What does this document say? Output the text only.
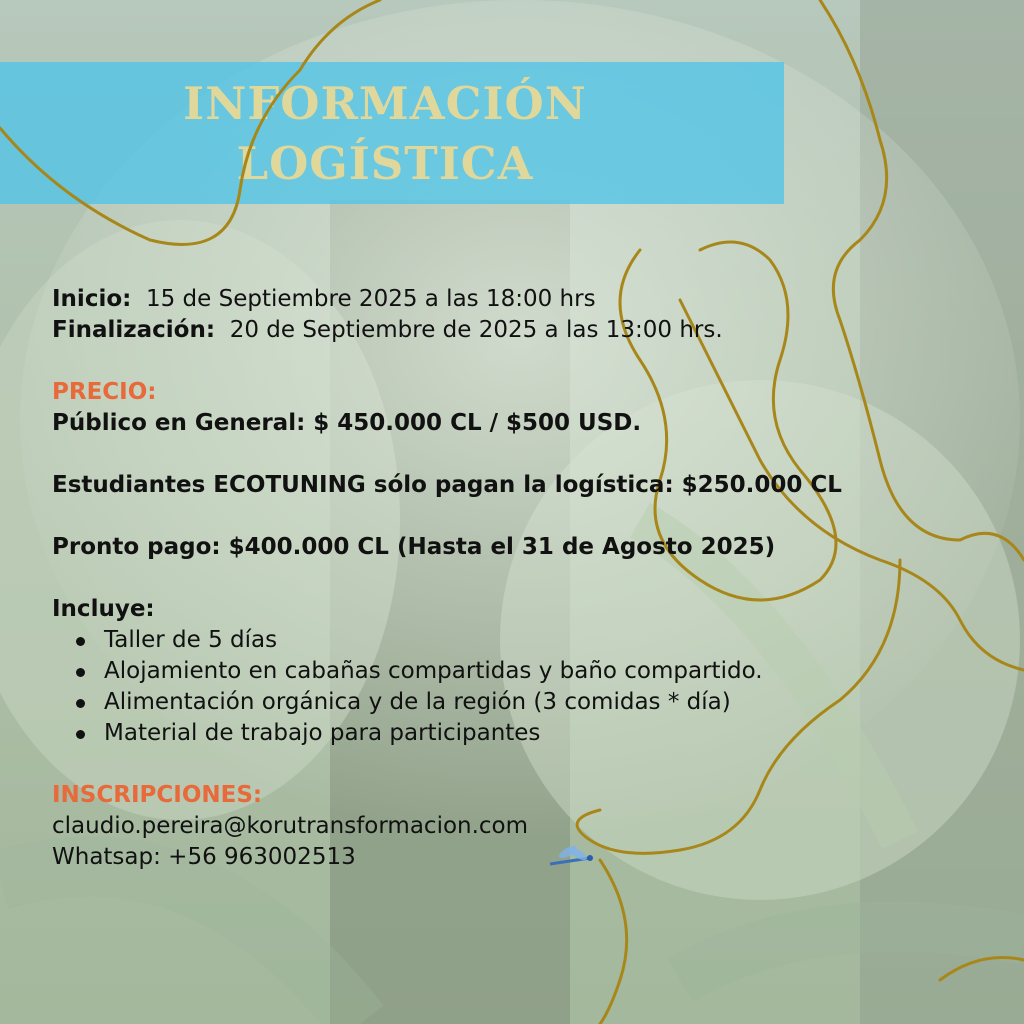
INFORMACIÓN
LOGÍSTICA

Inicio: 15 de Septiembre 2025 a las 18:00 hrs

Finalización: 20 de Septiembre de 2025 a las 13:00 hrs.

PRECIO:

Público en General: $ 450.000 CL / $500 USD.

Estudiantes ECOTUNING sólo pagan la logística: $250.000 CL

Pronto pago: $400.000 CL (Hasta el 31 de Agosto 2025)

Incluye:

Taller de 5 días
Alojamiento en cabañas compartidas y baño compartido.
Alimentación orgánica y de la región (3 comidas * día)
Material de trabajo para participantes

INSCRIPCIONES:

claudio.pereira@korutransformacion.com

Whatsap: +56 963002513
